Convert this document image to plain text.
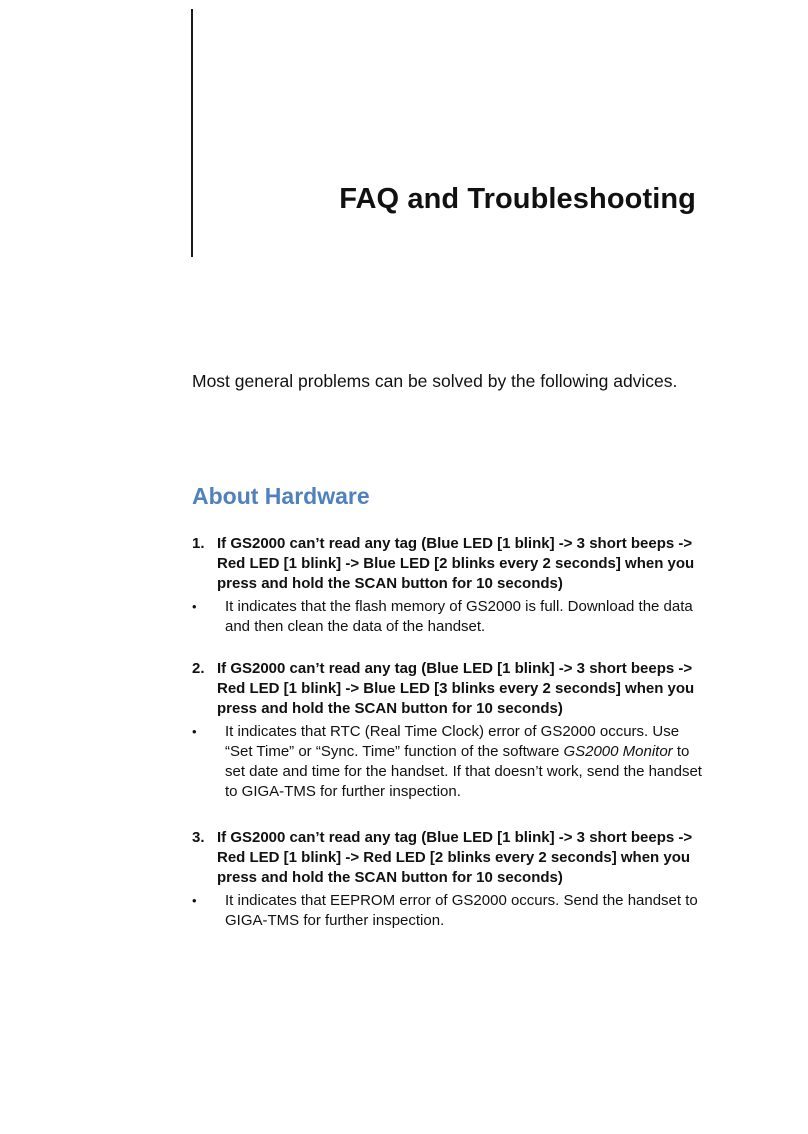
FAQ and Troubleshooting

Most general problems can be solved by the following advices.

About Hardware
1. If GS2000 can’t read any tag (Blue LED [1 blink] -> 3 short beeps -> Red LED [1 blink] -> Blue LED [2 blinks every 2 seconds] when you press and hold the SCAN button for 10 seconds)
• It indicates that the flash memory of GS2000 is full. Download the data and then clean the data of the handset.
2. If GS2000 can’t read any tag (Blue LED [1 blink] -> 3 short beeps -> Red LED [1 blink] -> Blue LED [3 blinks every 2 seconds] when you press and hold the SCAN button for 10 seconds)
• It indicates that RTC (Real Time Clock) error of GS2000 occurs. Use “Set Time” or “Sync. Time” function of the software GS2000 Monitor to set date and time for the handset. If that doesn’t work, send the handset to GIGA-TMS for further inspection.
3. If GS2000 can’t read any tag (Blue LED [1 blink] -> 3 short beeps -> Red LED [1 blink] -> Red LED [2 blinks every 2 seconds] when you press and hold the SCAN button for 10 seconds)
• It indicates that EEPROM error of GS2000 occurs. Send the handset to GIGA-TMS for further inspection.
